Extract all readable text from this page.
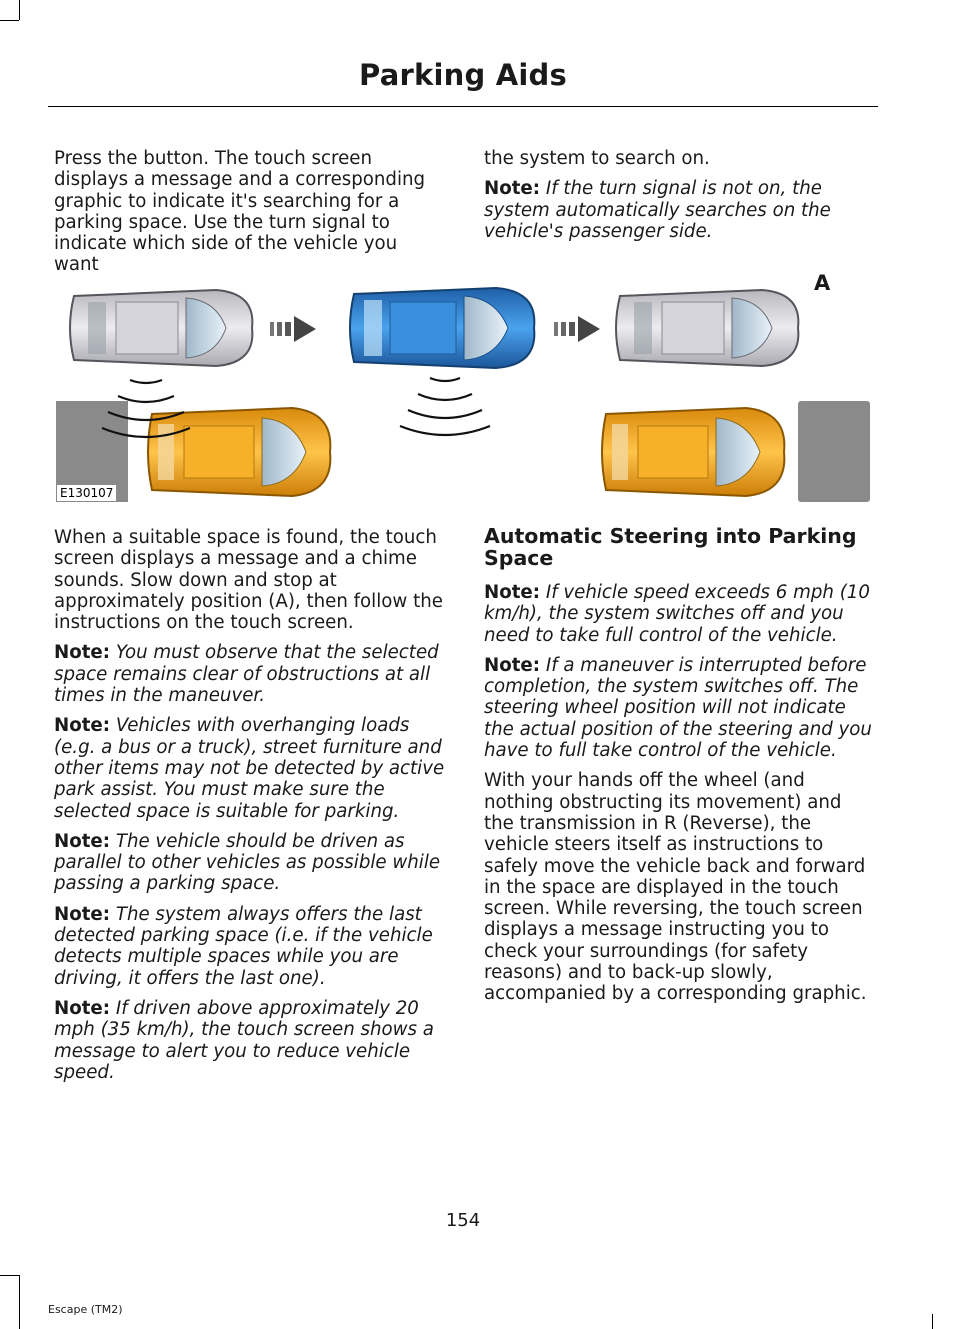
Parking Aids

Press the button. The touch screen displays a message and a corresponding graphic to indicate it's searching for a parking space. Use the turn signal to indicate which side of the vehicle you want

the system to search on.

Note: If the turn signal is not on, the system automatically searches on the vehicle's passenger side.

A
E130107

When a suitable space is found, the touch screen displays a message and a chime sounds. Slow down and stop at approximately position (A), then follow the instructions on the touch screen.

Note: You must observe that the selected space remains clear of obstructions at all times in the maneuver.

Note: Vehicles with overhanging loads (e.g. a bus or a truck), street furniture and other items may not be detected by active park assist. You must make sure the selected space is suitable for parking.

Note: The vehicle should be driven as parallel to other vehicles as possible while passing a parking space.

Note: The system always offers the last detected parking space (i.e. if the vehicle detects multiple spaces while you are driving, it offers the last one).

Note: If driven above approximately 20 mph (35 km/h), the touch screen shows a message to alert you to reduce vehicle speed.

Automatic Steering into Parking Space

Note: If vehicle speed exceeds 6 mph (10 km/h), the system switches off and you need to take full control of the vehicle.

Note: If a maneuver is interrupted before completion, the system switches off. The steering wheel position will not indicate the actual position of the steering and you have to full take control of the vehicle.

With your hands off the wheel (and nothing obstructing its movement) and the transmission in R (Reverse), the vehicle steers itself as instructions to safely move the vehicle back and forward in the space are displayed in the touch screen. While reversing, the touch screen displays a message instructing you to check your surroundings (for safety reasons) and to back-up slowly, accompanied by a corresponding graphic.

154
Escape (TM2)
